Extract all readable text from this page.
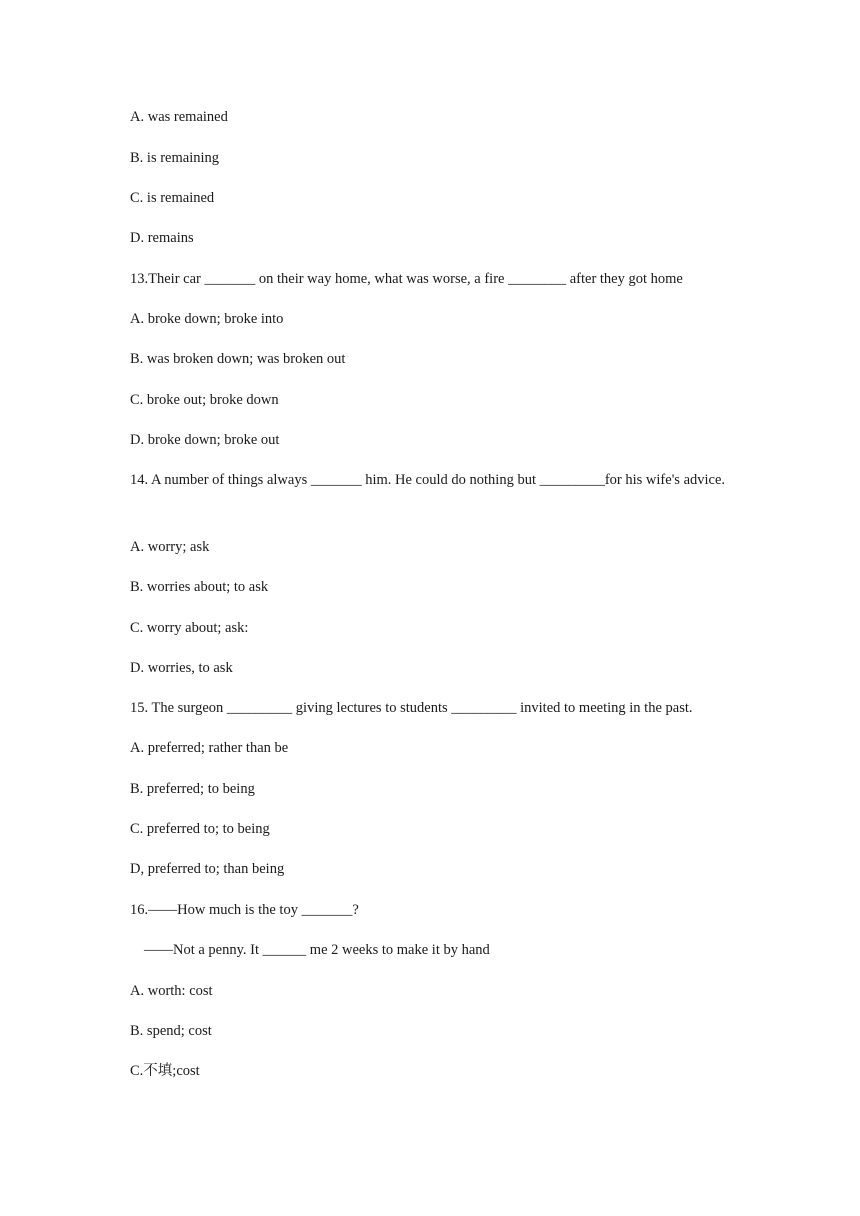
A. was remained
B. is remaining
C. is remained
D. remains
13.Their car _______ on their way home, what was worse, a fire ________ after they got home
A. broke down; broke into
B. was broken down; was broken out
C. broke out; broke down
D. broke down; broke out
14. A number of things always _______ him. He could do nothing but _________for his wife's advice.
A. worry; ask
B. worries about; to ask
C. worry about; ask:
D. worries, to ask
15. The surgeon _________ giving lectures to students _________ invited to meeting in the past.
A. preferred; rather than be
B. preferred; to being
C. preferred to; to being
D, preferred to; than being
16.——How much is the toy _______?
——Not a penny. It ______ me 2 weeks to make it by hand
A. worth: cost
B. spend; cost
C.不填;cost
